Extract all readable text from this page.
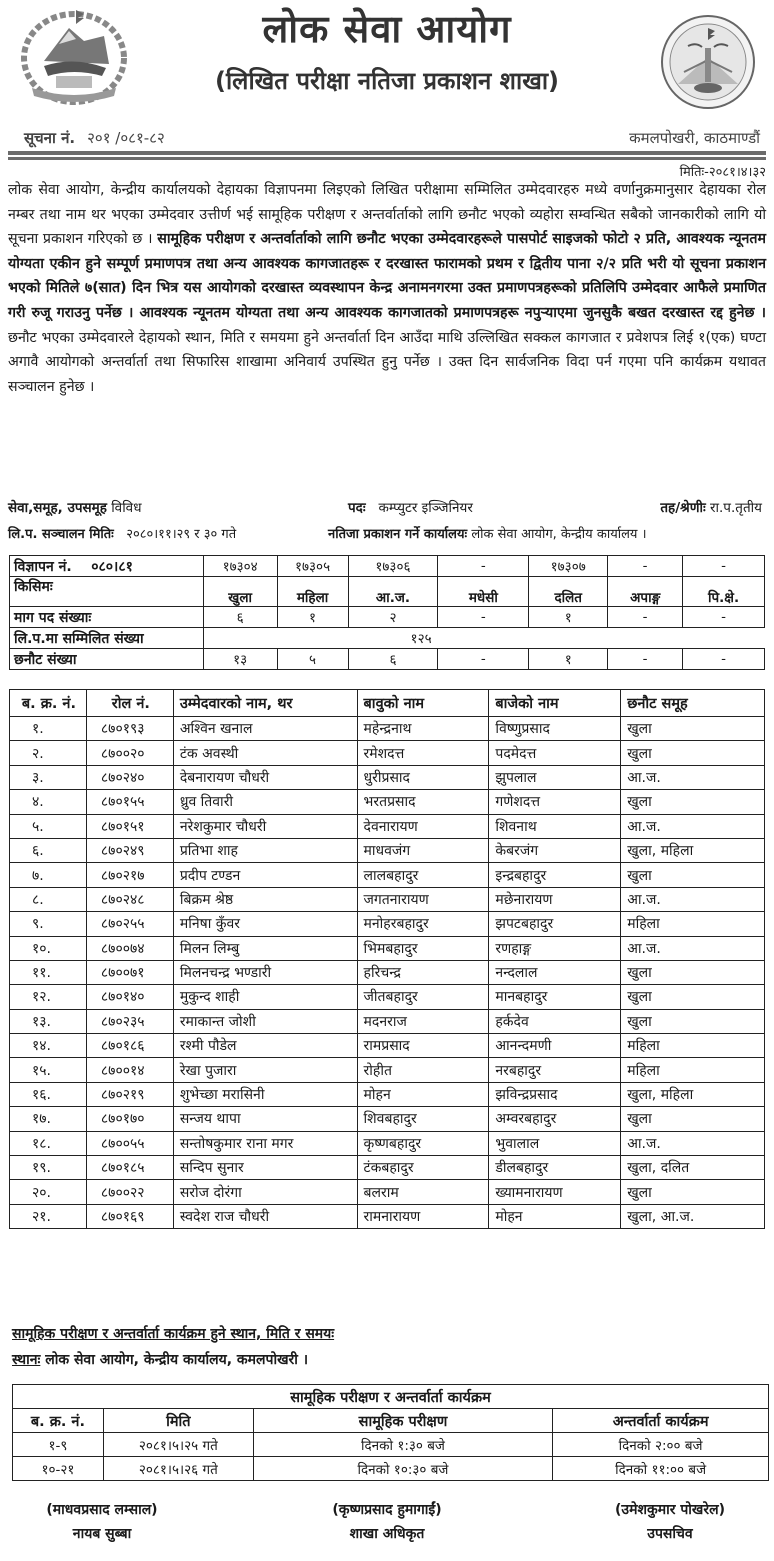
लोक सेवा आयोग
(लिखित परीक्षा नतिजा प्रकाशन शाखा)
सूचना नं. २०१ /०८१-८२	कमलपोखरी, काठमाण्डौं
मितिः-२०८१।४।३२
लोक सेवा आयोग, केन्द्रीय कार्यालयको देहायका विज्ञापनमा लिइएको लिखित परीक्षामा सम्मिलित उम्मेदवारहरु मध्ये वर्णानुक्रमानुसार देहायका रोल नम्बर तथा नाम थर भएका उम्मेदवार उत्तीर्ण भई सामूहिक परीक्षण र अन्तर्वार्ताको लागि छनौट भएको व्यहोरा सम्वन्धित सबैको जानकारीको लागि यो सूचना प्रकाशन गरिएको छ । सामूहिक परीक्षण र अन्तर्वार्ताको लागि छनौट भएका उम्मेदवारहरूले पासपोर्ट साइजको फोटो २ प्रति, आवश्यक न्यूनतम योग्यता एकीन हुने सम्पूर्ण प्रमाणपत्र तथा अन्य आवश्यक कागजातहरू र दरखास्त फारामको प्रथम र द्वितीय पाना २/२ प्रति भरी यो सूचना प्रकाशन भएको मितिले ७(सात) दिन भित्र यस आयोगको दरखास्त व्यवस्थापन केन्द्र अनामनगरमा उक्त प्रमाणपत्रहरूको प्रतिलिपि उम्मेदवार आफैले प्रमाणित गरी रुजू गराउनु पर्नेछ । आवश्यक न्यूनतम योग्यता तथा अन्य आवश्यक कागजातको प्रमाणपत्रहरू नपुऱ्याएमा जुनसुकै बखत दरखास्त रद्द हुनेछ । छनौट भएका उम्मेदवारले देहायको स्थान, मिति र समयमा हुने अन्तर्वार्ता दिन आउँदा माथि उल्लिखित सक्कल कागजात र प्रवेशपत्र लिई १(एक) घण्टा अगावै आयोगको अन्तर्वार्ता तथा सिफारिस शाखामा अनिवार्य उपस्थित हुनु पर्नेछ । उक्त दिन सार्वजनिक विदा पर्न गएमा पनि कार्यक्रम यथावत सञ्चालन हुनेछ ।
सेवा,समूह, उपसमूह विविध	पदः कम्प्युटर इञ्जिनियर	तह/श्रेणीः रा.प.तृतीय
लि.प. सञ्चालन मितिः २०८०।११।२९ र ३० गते	नतिजा प्रकाशन गर्ने कार्यालयः लोक सेवा आयोग, केन्द्रीय कार्यालय ।
विज्ञापन नं. ०८०।८१	१७३०४	१७३०५	१७३०६	-	१७३०७	-	-
किसिमः	खुला	महिला	आ.ज.	मधेसी	दलित	अपाङ्ग	पि.क्षे.
माग पद संख्याः	६	१	२	-	१	-	-
लि.प.मा सम्मिलित संख्या	१२५						
छनौट संख्या	१३	५	६	-	१	-	-
ब. क्र. नं.	रोल नं.	उम्मेदवारको नाम, थर	बावुको नाम	बाजेको नाम	छनौट समूह
१.	८७०१९३	अश्विन खनाल	महेन्द्रनाथ	विष्णुप्रसाद	खुला
२.	८७००२०	टंक अवस्थी	रमेशदत्त	पदमेदत्त	खुला
३.	८७०२४०	देबनारायण चौधरी	धुरीप्रसाद	झुपलाल	आ.ज.
४.	८७०१५५	ध्रुव तिवारी	भरतप्रसाद	गणेशदत्त	खुला
५.	८७०१५१	नरेशकुमार चौधरी	देवनारायण	शिवनाथ	आ.ज.
६.	८७०२४९	प्रतिभा शाह	माधवजंग	केबरजंग	खुला, महिला
७.	८७०२१७	प्रदीप टण्डन	लालबहादुर	इन्द्रबहादुर	खुला
८.	८७०२४८	बिक्रम श्रेष्ठ	जगतनारायण	मछेनारायण	आ.ज.
९.	८७०२५५	मनिषा कुँवर	मनोहरबहादुर	झपटबहादुर	महिला
१०.	८७००७४	मिलन लिम्बु	भिमबहादुर	रणहाङ्ग	आ.ज.
११.	८७००७१	मिलनचन्द्र भण्डारी	हरिचन्द्र	नन्दलाल	खुला
१२.	८७०१४०	मुकुन्द शाही	जीतबहादुर	मानबहादुर	खुला
१३.	८७०२३५	रमाकान्त जोशी	मदनराज	हर्कदेव	खुला
१४.	८७०१८६	रश्मी पौडेल	रामप्रसाद	आनन्दमणी	महिला
१५.	८७००१४	रेखा पुजारा	रोहीत	नरबहादुर	महिला
१६.	८७०२१९	शुभेच्छा मरासिनी	मोहन	झविन्द्रप्रसाद	खुला, महिला
१७.	८७०१७०	सन्जय थापा	शिवबहादुर	अम्वरबहादुर	खुला
१८.	८७००५५	सन्तोषकुमार राना मगर	कृष्णबहादुर	भुवालाल	आ.ज.
१९.	८७०१८५	सन्दिप सुनार	टंकबहादुर	डीलबहादुर	खुला, दलित
२०.	८७००२२	सरोज दोरंगा	बलराम	ख्यामनारायण	खुला
२१.	८७०१६९	स्वदेश राज चौधरी	रामनारायण	मोहन	खुला, आ.ज.
सामूहिक परीक्षण र अन्तर्वार्ता कार्यक्रम हुने स्थान, मिति र समयः
स्थानः लोक सेवा आयोग, केन्द्रीय कार्यालय, कमलपोखरी ।
सामूहिक परीक्षण र अन्तर्वार्ता कार्यक्रम			
ब. क्र. नं.	मिति	सामूहिक परीक्षण	अन्तर्वार्ता कार्यक्रम
१-९	२०८१।५।२५ गते	दिनको १:३० बजे	दिनको २:०० बजे
१०-२१	२०८१।५।२६ गते	दिनको १०:३० बजे	दिनको ११:०० बजे
(माधवप्रसाद लम्साल)
नायब सुब्बा
(कृष्णप्रसाद हुमागाईं)
शाखा अधिकृत
(उमेशकुमार पोखरेल)
उपसचिव
